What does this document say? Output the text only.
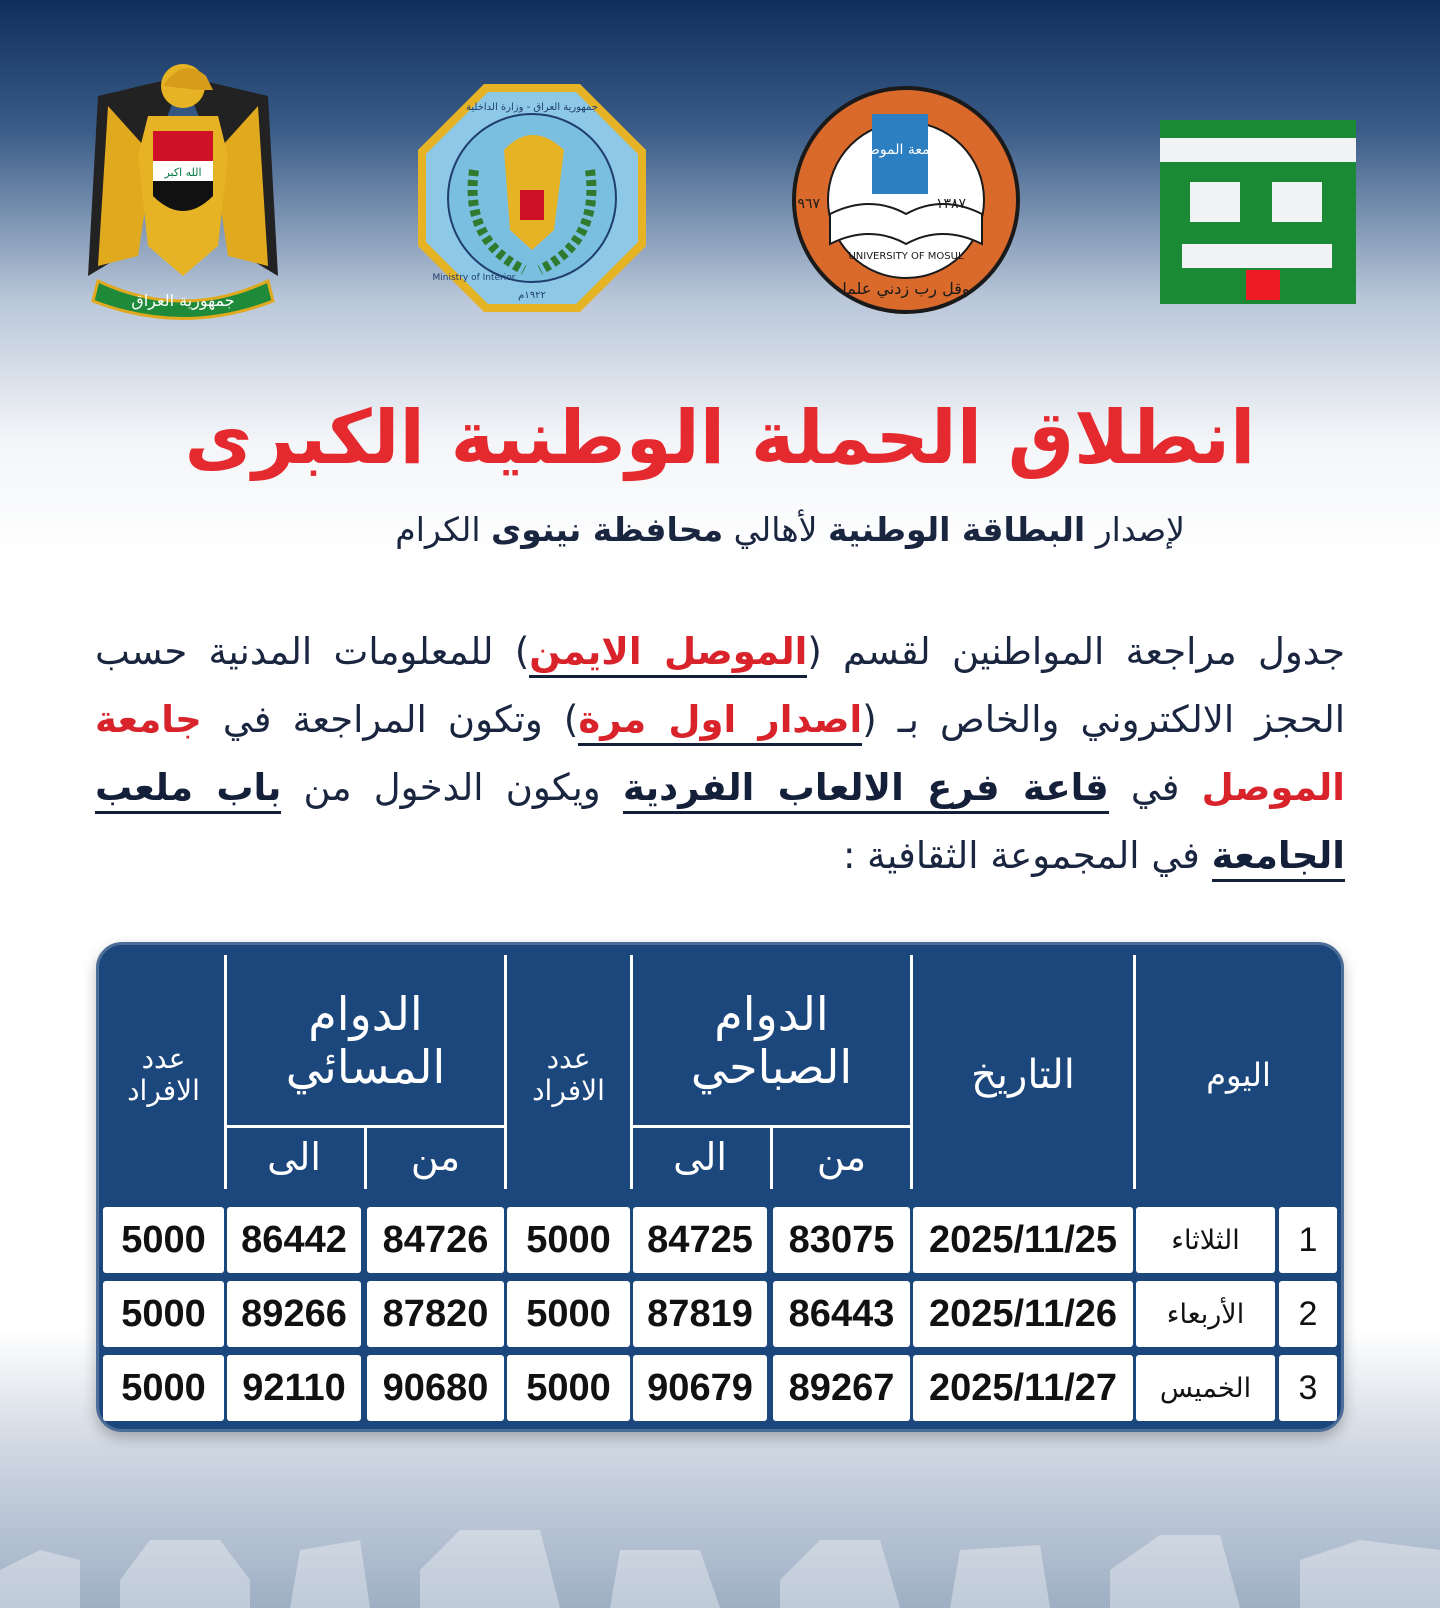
الله اكبر
جمهورية العراق
جمهورية العراق - وزارة الداخلية
١٩٢٢م
Ministry of Interior
جامعة الموصل
UNIVERSITY OF MOSUL
وقل رب زدني علما
١٩٦٧	١٣٨٧
انطلاق الحملة الوطنية الكبرى
لإصدار البطاقة الوطنية لأهالي محافظة نينوى الكرام
جدول مراجعة المواطنين لقسم (الموصل الايمن) للمعلومات المدنية حسب الحجز الالكتروني والخاص بـ (اصدار اول مرة) وتكون المراجعة في جامعة الموصل في قاعة فرع الالعاب الفردية ويكون الدخول من باب ملعب الجامعة في المجموعة الثقافية :
اليوم
التاريخ
الدوام
الصباحي
من
الى
عدد
الافراد
الدوام
المسائي
من
الى
عدد
الافراد
1
الثلاثاء
2025/11/25
83075
84725
5000
84726
86442
5000
2
الأربعاء
2025/11/26
86443
87819
5000
87820
89266
5000
3
الخميس
2025/11/27
89267
90679
5000
90680
92110
5000
